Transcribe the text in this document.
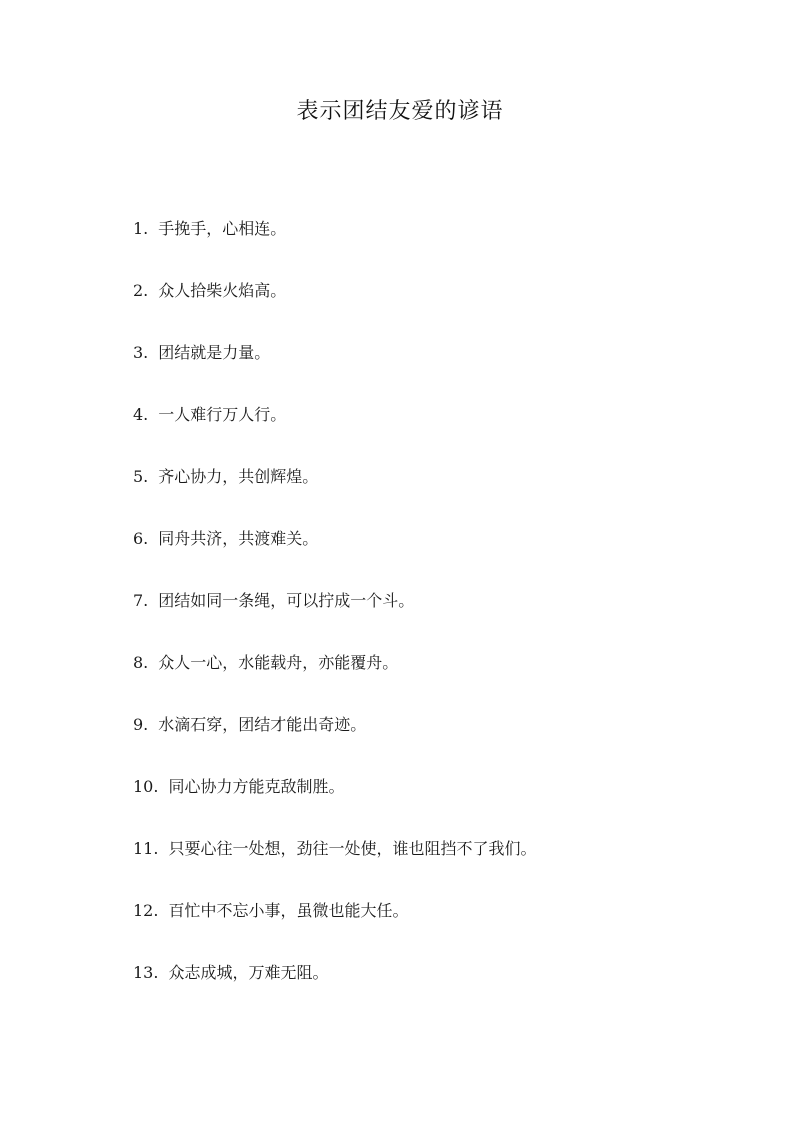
表示团结友爱的谚语
1. 手挽手，心相连。
2. 众人拾柴火焰高。
3. 团结就是力量。
4. 一人难行万人行。
5. 齐心协力，共创辉煌。
6. 同舟共济，共渡难关。
7. 团结如同一条绳，可以拧成一个斗。
8. 众人一心，水能载舟，亦能覆舟。
9. 水滴石穿，团结才能出奇迹。
10. 同心协力方能克敌制胜。
11. 只要心往一处想，劲往一处使，谁也阻挡不了我们。
12. 百忙中不忘小事，虽微也能大任。
13. 众志成城，万难无阻。
